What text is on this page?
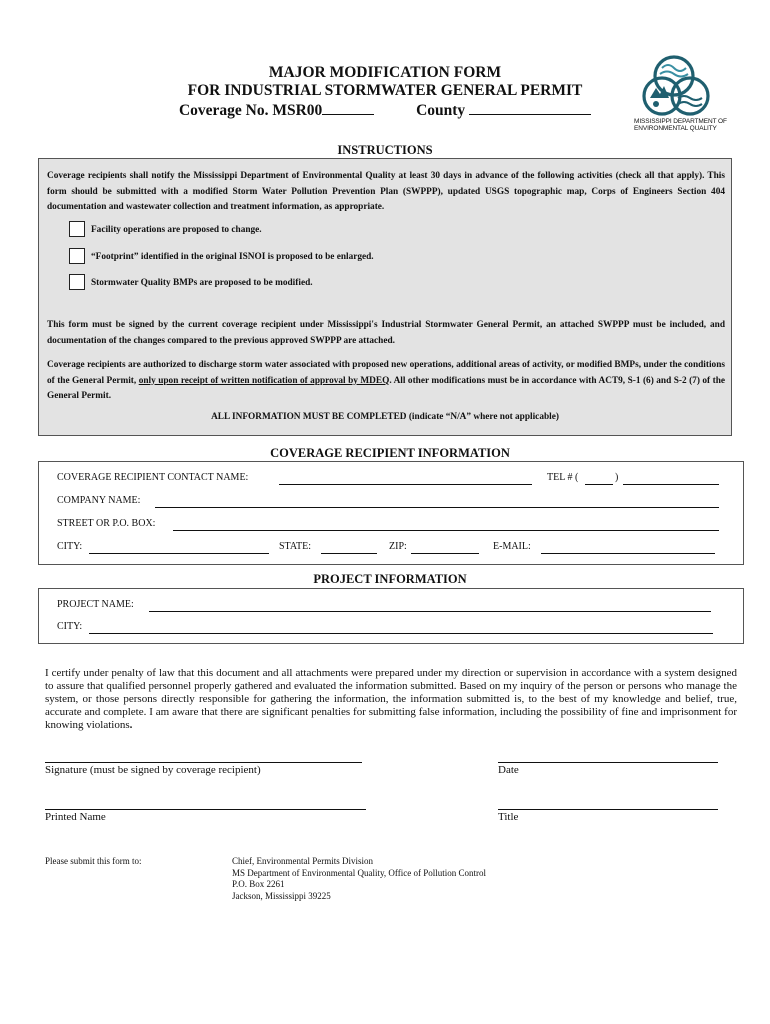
MAJOR MODIFICATION FORM
FOR INDUSTRIAL STORMWATER GENERAL PERMIT
Coverage No. MSR00	County
MISSISSIPPI DEPARTMENT OF
ENVIRONMENTAL QUALITY
INSTRUCTIONS
Coverage recipients shall notify the Mississippi Department of Environmental Quality at least 30 days in advance of the following activities (check all that apply). This form should be submitted with a modified Storm Water Pollution Prevention Plan (SWPPP), updated USGS topographic map, Corps of Engineers Section 404 documentation and wastewater collection and treatment information, as appropriate.
Facility operations are proposed to change.
“Footprint” identified in the original ISNOI is proposed to be enlarged.
Stormwater Quality BMPs are proposed to be modified.
This form must be signed by the current coverage recipient under Mississippi's Industrial Stormwater General Permit, an attached SWPPP must be included, and documentation of the changes compared to the previous approved SWPPP are attached.
Coverage recipients are authorized to discharge storm water associated with proposed new operations, additional areas of activity, or modified BMPs, under the conditions of the General Permit, only upon receipt of written notification of approval by MDEQ. All other modifications must be in accordance with ACT9, S-1 (6) and S-2 (7) of the General Permit.
ALL INFORMATION MUST BE COMPLETED (indicate “N/A” where not applicable)
COVERAGE RECIPIENT INFORMATION
COVERAGE RECIPIENT CONTACT NAME:	TEL # (	)
COMPANY NAME:
STREET OR P.O. BOX:
CITY:	STATE:	ZIP:	E-MAIL:
PROJECT INFORMATION
PROJECT NAME:
CITY:
I certify under penalty of law that this document and all attachments were prepared under my direction or supervision in accordance with a system designed to assure that qualified personnel properly gathered and evaluated the information submitted. Based on my inquiry of the person or persons who manage the system, or those persons directly responsible for gathering the information, the information submitted is, to the best of my knowledge and belief, true, accurate and complete. I am aware that there are significant penalties for submitting false information, including the possibility of fine and imprisonment for knowing violations.
Signature (must be signed by coverage recipient)	Date
Printed Name	Title
Please submit this form to:	Chief, Environmental Permits Division
MS Department of Environmental Quality, Office of Pollution Control
P.O. Box 2261
Jackson, Mississippi 39225
